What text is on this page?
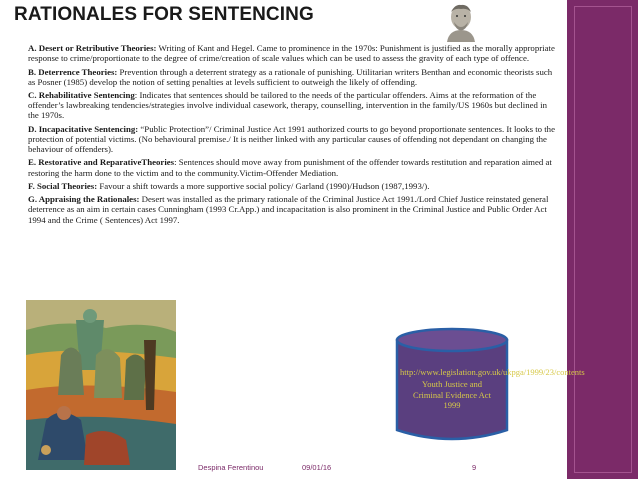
RATIONALES FOR SENTENCING
A. Desert or Retributive Theories: Writing of Kant and Hegel. Came to prominence in the 1970s: Punishment is justified as the morally appropriate response to crime/proportionate to the degree of crime/creation of scale values which can be used to assess the gravity of each type of offence.
B. Deterrence Theories: Prevention through a deterrent strategy as a rationale of punishing. Utilitarian writers Benthan and economic theorists such as Posner (1985) develop the notion of setting penalties at levels sufficient to outweigh the likely of offending.
C. Rehabilitative Sentencing: Indicates that sentences should be tailored to the needs of the particular offenders. Aims at the reformation of the offender’s lawbreaking tendencies/strategies involve individual casework, therapy, counselling, intervention in the family/US 1960s but declined in the 1970s.
D. Incapacitative Sentencing: “Public Protection”/ Criminal Justice Act 1991 authorized courts to go beyond proportionate sentences. It looks to the protection of potential victims. (No behavioural premise./ It is neither linked with any particular causes of offending not dependant on changing the behaviour of offenders).
E. Restorative and ReparativeTheories: Sentences should move away from punishment of the offender towards restitution and reparation aimed at restoring the harm done to the victim and to the community.Victim-Offender Mediation.
F. Social Theories: Favour a shift towards a more supportive social policy/ Garland (1990)/Hudson (1987,1993/).
G. Appraising the Rationales: Desert was installed as the primary rationale of the Criminal Justice Act 1991./Lord Chief Justice reinstated general deterrence as an aim in certain cases Cunningham (1993 Cr.App.) and incapacitation is also prominent in the Criminal Justice and Public Order Act 1994 and the Crime ( Sentences) Act 1997.
http://www.legislation.gov.uk/ukpga/1999/23/contents
Youth Justice and
Criminal Evidence Act
1999
Despina Ferentinou	09/01/16	9
